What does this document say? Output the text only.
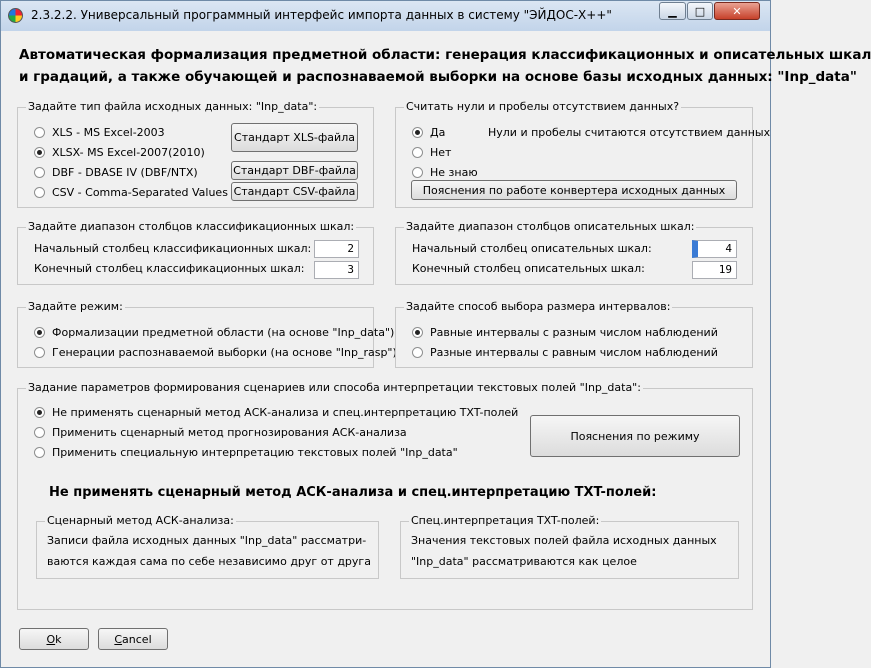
2.3.2.2. Универсальный программный интерфейс импорта данных в систему "ЭЙДОС-X++"	▁ □ ✕
Автоматическая формализация предметной области: генерация классификационных и описательных шкал
и градаций, а также обучающей и распознаваемой выборки на основе базы исходных данных: "Inp_data"
Задайте тип файла исходных данных: "Inp_data":
XLS - MS Excel-2003
XLSX- MS Excel-2007(2010)
DBF - DBASE IV (DBF/NTX)
CSV - Comma-Separated Values
Стандарт XLS-файла
Стандарт DBF-файла
Стандарт CSV-файла
Считать нули и пробелы отсутствием данных?
Да	Нули и пробелы считаются отсутствием данных
Нет
Не знаю
Пояснения по работе конвертера исходных данных
Задайте диапазон столбцов классификационных шкал:
Начальный столбец классификационных шкал:	2
Конечный столбец классификационных шкал:	3
Задайте диапазон столбцов описательных шкал:
Начальный столбец описательных шкал:	4
Конечный столбец описательных шкал:	19
Задайте режим:
Формализации предметной области (на основе "Inp_data")
Генерации распознаваемой выборки (на основе "Inp_rasp")
Задайте способ выбора размера интервалов:
Равные интервалы с разным числом наблюдений
Разные интервалы с равным числом наблюдений
Задание параметров формирования сценариев или способа интерпретации текстовых полей "Inp_data":
Не применять сценарный метод АСК-анализа и спец.интерпретацию TXT-полей
Применить сценарный метод прогнозирования АСК-анализа
Применить специальную интерпретацию текстовых полей "Inp_data"
Пояснения по режиму
Сценарный метод АСК-анализа:
Записи файла исходных данных "Inp_data" рассматри-
ваются каждая сама по себе независимо друг от друга
Спец.интерпретация TXT-полей:
Значения текстовых полей файла исходных данных
"Inp_data" рассматриваются как целое
Не применять сценарный метод АСК-анализа и спец.интерпретацию TXT-полей:
O k	C ancel
